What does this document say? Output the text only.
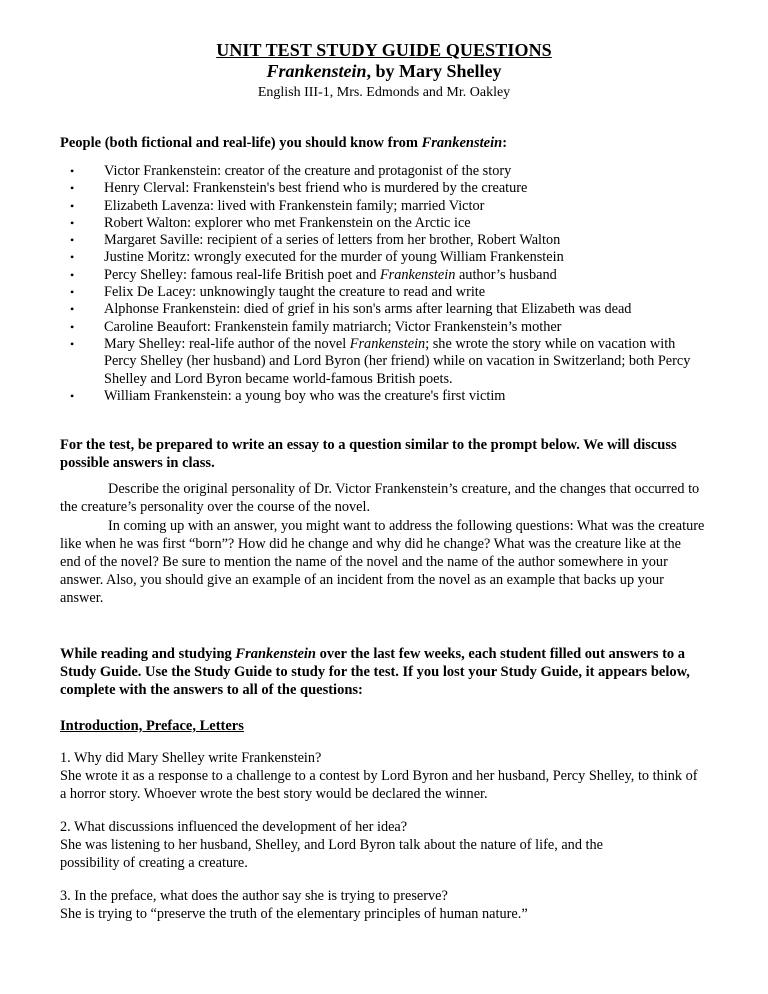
UNIT TEST STUDY GUIDE QUESTIONS
Frankenstein, by Mary Shelley
English III-1, Mrs. Edmonds and Mr. Oakley
People (both fictional and real-life) you should know from Frankenstein:
• Victor Frankenstein: creator of the creature and protagonist of the story
• Henry Clerval: Frankenstein's best friend who is murdered by the creature
• Elizabeth Lavenza: lived with Frankenstein family; married Victor
• Robert Walton: explorer who met Frankenstein on the Arctic ice
• Margaret Saville: recipient of a series of letters from her brother, Robert Walton
• Justine Moritz: wrongly executed for the murder of young William Frankenstein
• Percy Shelley: famous real-life British poet and Frankenstein author’s husband
• Felix De Lacey: unknowingly taught the creature to read and write
• Alphonse Frankenstein: died of grief in his son's arms after learning that Elizabeth was dead
• Caroline Beaufort: Frankenstein family matriarch; Victor Frankenstein’s mother
• Mary Shelley: real-life author of the novel Frankenstein; she wrote the story while on vacation with
Percy Shelley (her husband) and Lord Byron (her friend) while on vacation in Switzerland; both Percy
Shelley and Lord Byron became world-famous British poets.
• William Frankenstein: a young boy who was the creature's first victim
For the test, be prepared to write an essay to a question similar to the prompt below. We will discuss
possible answers in class.

Describe the original personality of Dr. Victor Frankenstein’s creature, and the changes that occurred to
the creature’s personality over the course of the novel.

In coming up with an answer, you might want to address the following questions: What was the creature
like when he was first “born”? How did he change and why did he change? What was the creature like at the
end of the novel? Be sure to mention the name of the novel and the name of the author somewhere in your
answer. Also, you should give an example of an incident from the novel as an example that backs up your
answer.

While reading and studying Frankenstein over the last few weeks, each student filled out answers to a
Study Guide. Use the Study Guide to study for the test. If you lost your Study Guide, it appears below,
complete with the answers to all of the questions:
Introduction, Preface, Letters
1. Why did Mary Shelley write Frankenstein?
She wrote it as a response to a challenge to a contest by Lord Byron and her husband, Percy Shelley, to think of
a horror story. Whoever wrote the best story would be declared the winner.
2. What discussions influenced the development of her idea?
She was listening to her husband, Shelley, and Lord Byron talk about the nature of life, and the
possibility of creating a creature.
3. In the preface, what does the author say she is trying to preserve?
She is trying to “preserve the truth of the elementary principles of human nature.”
